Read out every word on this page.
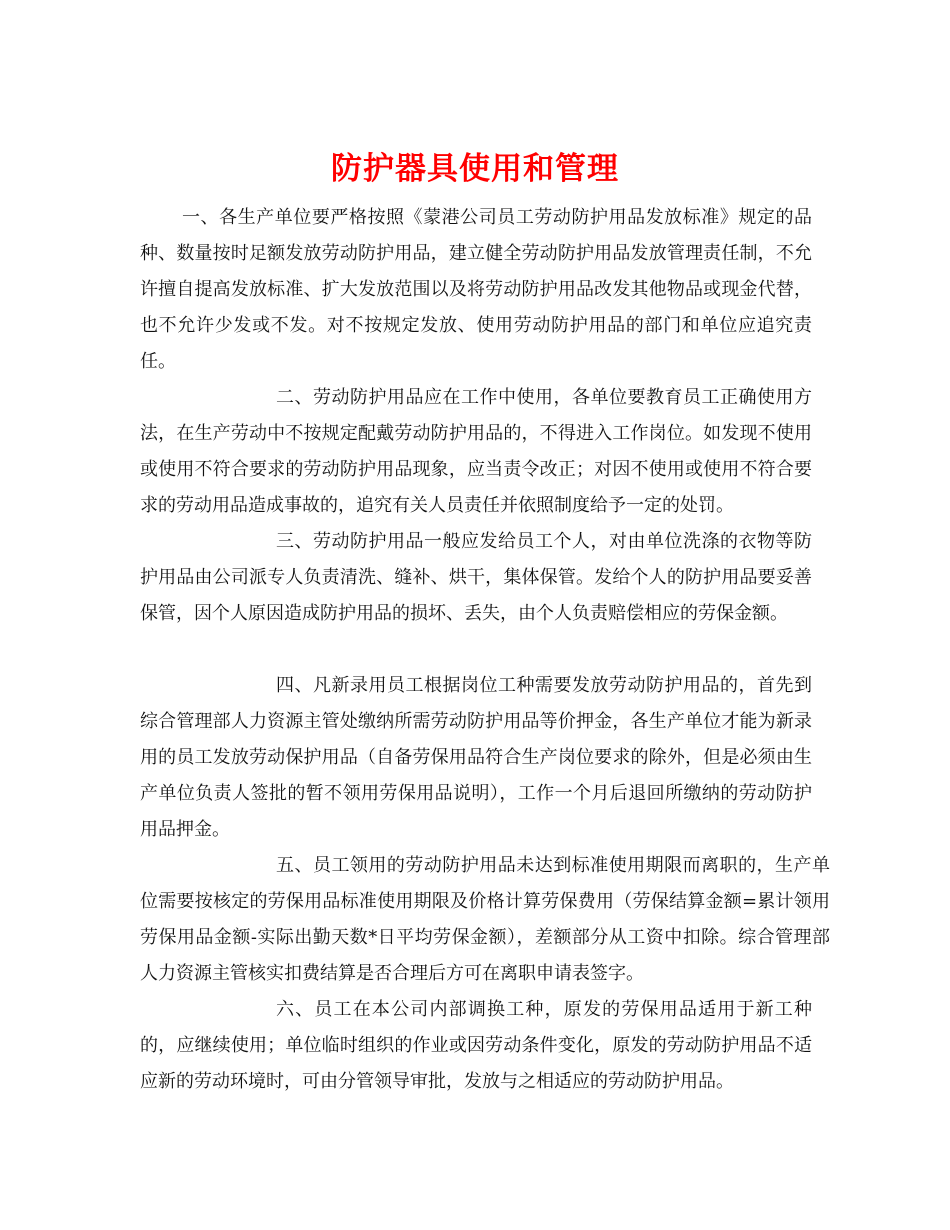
防护器具使用和管理

一、各生产单位要严格按照《蒙港公司员工劳动防护用品发放标准》规定的品种、数量按时足额发放劳动防护用品，建立健全劳动防护用品发放管理责任制，不允许擅自提高发放标准、扩大发放范围以及将劳动防护用品改发其他物品或现金代替，也不允许少发或不发。对不按规定发放、使用劳动防护用品的部门和单位应追究责任。

二、劳动防护用品应在工作中使用，各单位要教育员工正确使用方法，在生产劳动中不按规定配戴劳动防护用品的，不得进入工作岗位。如发现不使用或使用不符合要求的劳动防护用品现象，应当责令改正；对因不使用或使用不符合要求的劳动用品造成事故的，追究有关人员责任并依照制度给予一定的处罚。

三、劳动防护用品一般应发给员工个人，对由单位洗涤的衣物等防护用品由公司派专人负责清洗、缝补、烘干，集体保管。发给个人的防护用品要妥善保管，因个人原因造成防护用品的损坏、丢失，由个人负责赔偿相应的劳保金额。

四、凡新录用员工根据岗位工种需要发放劳动防护用品的，首先到综合管理部人力资源主管处缴纳所需劳动防护用品等价押金，各生产单位才能为新录用的员工发放劳动保护用品（自备劳保用品符合生产岗位要求的除外，但是必须由生产单位负责人签批的暂不领用劳保用品说明），工作一个月后退回所缴纳的劳动防护用品押金。

五、员工领用的劳动防护用品未达到标准使用期限而离职的，生产单位需要按核定的劳保用品标准使用期限及价格计算劳保费用（劳保结算金额=累计领用劳保用品金额-实际出勤天数*日平均劳保金额），差额部分从工资中扣除。综合管理部人力资源主管核实扣费结算是否合理后方可在离职申请表签字。

六、员工在本公司内部调换工种，原发的劳保用品适用于新工种的，应继续使用；单位临时组织的作业或因劳动条件变化，原发的劳动防护用品不适应新的劳动环境时，可由分管领导审批，发放与之相适应的劳动防护用品。
